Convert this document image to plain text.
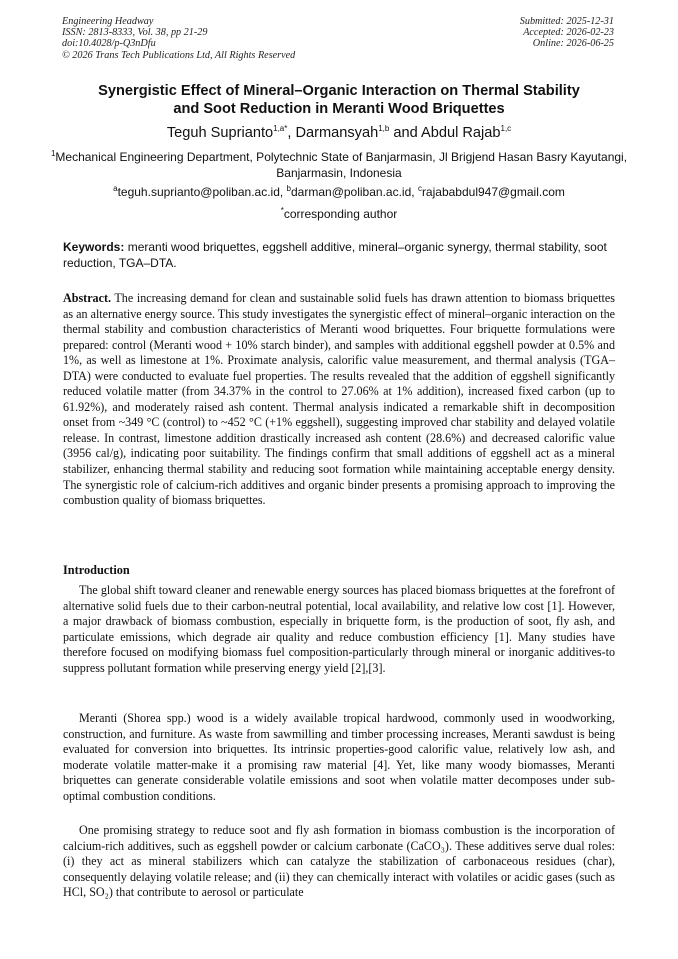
Engineering Headway
ISSN: 2813-8333, Vol. 38, pp 21-29
doi:10.4028/p-Q3nDfu
© 2026 Trans Tech Publications Ltd, All Rights Reserved
Submitted: 2025-12-31
Accepted: 2026-02-23
Online: 2026-06-25
Synergistic Effect of Mineral–Organic Interaction on Thermal Stability
and Soot Reduction in Meranti Wood Briquettes
Teguh Suprianto$^{1,a*}$, Darmansyah$^{1,b}$ and Abdul Rajab$^{1,c}$
$^1$Mechanical Engineering Department, Polytechnic State of Banjarmasin, Jl Brigjend Hasan Basry Kayutangi, Banjarmasin, Indonesia
$^a$teguh.suprianto@poliban.ac.id, $^b$darman@poliban.ac.id, $^c$rajababdul947@gmail.com
*corresponding author
Keywords: meranti wood briquettes, eggshell additive, mineral–organic synergy, thermal stability, soot reduction, TGA–DTA.
Abstract. The increasing demand for clean and sustainable solid fuels has drawn attention to biomass briquettes as an alternative energy source. This study investigates the synergistic effect of mineral–organic interaction on the thermal stability and combustion characteristics of Meranti wood briquettes. Four briquette formulations were prepared: control (Meranti wood + 10% starch binder), and samples with additional eggshell powder at 0.5% and 1%, as well as limestone at 1%. Proximate analysis, calorific value measurement, and thermal analysis (TGA–DTA) were conducted to evaluate fuel properties. The results revealed that the addition of eggshell significantly reduced volatile matter (from 34.37% in the control to 27.06% at 1% addition), increased fixed carbon (up to 61.92%), and moderately raised ash content. Thermal analysis indicated a remarkable shift in decomposition onset from ~349 °C (control) to ~452 °C (+1% eggshell), suggesting improved char stability and delayed volatile release. In contrast, limestone addition drastically increased ash content (28.6%) and decreased calorific value (3956 cal/g), indicating poor suitability. The findings confirm that small additions of eggshell act as a mineral stabilizer, enhancing thermal stability and reducing soot formation while maintaining acceptable energy density. The synergistic role of calcium-rich additives and organic binder presents a promising approach to improving the combustion quality of biomass briquettes.
Introduction
The global shift toward cleaner and renewable energy sources has placed biomass briquettes at the forefront of alternative solid fuels due to their carbon-neutral potential, local availability, and relative low cost [1]. However, a major drawback of biomass combustion, especially in briquette form, is the production of soot, fly ash, and particulate emissions, which degrade air quality and reduce combustion efficiency [1]. Many studies have therefore focused on modifying biomass fuel composition-particularly through mineral or inorganic additives-to suppress pollutant formation while preserving energy yield [2],[3].
Meranti (Shorea spp.) wood is a widely available tropical hardwood, commonly used in woodworking, construction, and furniture. As waste from sawmilling and timber processing increases, Meranti sawdust is being evaluated for conversion into briquettes. Its intrinsic properties-good calorific value, relatively low ash, and moderate volatile matter-make it a promising raw material [4]. Yet, like many woody biomasses, Meranti briquettes can generate considerable volatile emissions and soot when volatile matter decomposes under sub-optimal combustion conditions.
One promising strategy to reduce soot and fly ash formation in biomass combustion is the incorporation of calcium-rich additives, such as eggshell powder or calcium carbonate (CaCO₃). These additives serve dual roles: (i) they act as mineral stabilizers which can catalyze the stabilization of carbonaceous residues (char), consequently delaying volatile release; and (ii) they can chemically interact with volatiles or acidic gases (such as HCl, SO₂) that contribute to aerosol or particulate
